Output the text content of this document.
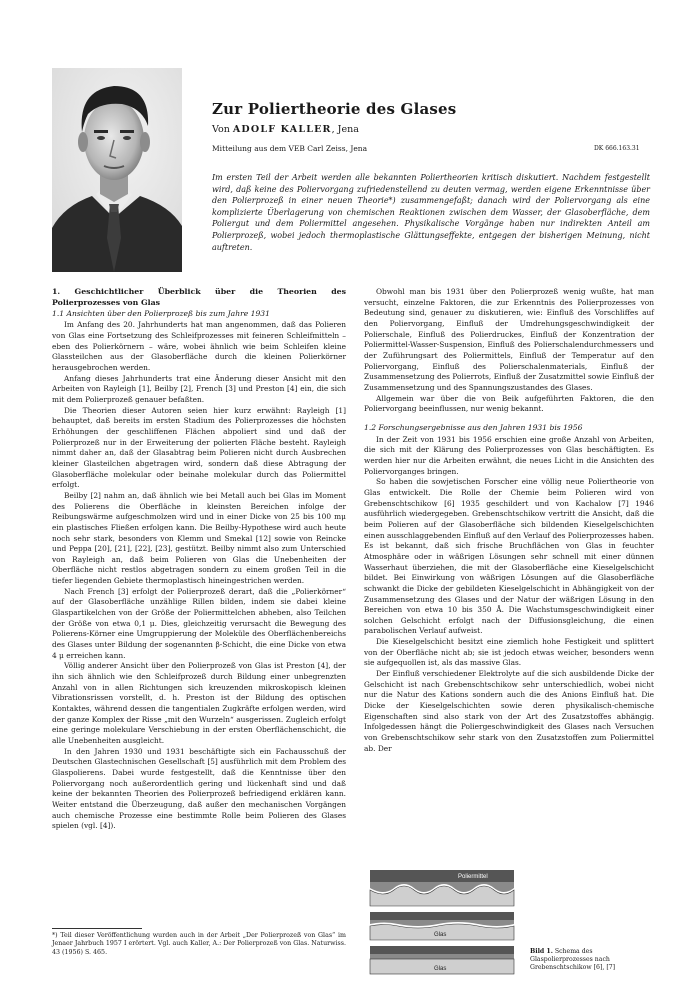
Zur Poliertheorie des Glases
Von ADOLF KALLER, Jena
Mitteilung aus dem VEB Carl Zeiss, Jena	DK 666.163.31
Im ersten Teil der Arbeit werden alle bekannten Poliertheorien kritisch diskutiert. Nachdem festgestellt wird, daß keine des Poliervorgang zufriedenstellend zu deuten vermag, werden eigene Erkenntnisse über den Polierprozeß in einer neuen Theorie*) zusammengefaßt; danach wird der Poliervorgang als eine komplizierte Überlagerung von chemischen Reaktionen zwischen dem Wasser, der Glasoberfläche, dem Poliergut und dem Poliermittel angesehen. Physikalische Vorgänge haben nur indirekten Anteil am Polierprozeß, wobei jedoch thermoplastische Glättungseffekte, entgegen der bisherigen Meinung, nicht auftreten.
1. Geschichtlicher Überblick über die Theorien des Polierprozesses von Glas
1.1 Ansichten über den Polierprozeß bis zum Jahre 1931

Im Anfang des 20. Jahrhunderts hat man angenommen, daß das Polieren von Glas eine Fortsetzung des Schleifprozesses mit feineren Schleifmitteln – eben des Polierkörnern – wäre, wobei ähnlich wie beim Schleifen kleine Glassteilchen aus der Glasoberfläche durch die kleinen Polierkörner herausgebrochen werden.

Anfang dieses Jahrhunderts trat eine Änderung dieser Ansicht mit den Arbeiten von Rayleigh [1], Beilby [2], French [3] und Preston [4] ein, die sich mit dem Polierprozeß genauer befaßten.

Die Theorien dieser Autoren seien hier kurz erwähnt: Rayleigh [1] behauptet, daß bereits im ersten Stadium des Polierprozesses die höchsten Erhöhungen der geschliffenen Flächen abpoliert sind und daß der Polierprozeß nur in der Erweiterung der polierten Fläche besteht. Rayleigh nimmt daher an, daß der Glasabtrag beim Polieren nicht durch Ausbrechen kleiner Glasteilchen abgetragen wird, sondern daß diese Abtragung der Glasoberfläche molekular oder beinahe molekular durch das Poliermittel erfolgt.

Beilby [2] nahm an, daß ähnlich wie bei Metall auch bei Glas im Moment des Polierens die Oberfläche in kleinsten Bereichen infolge der Reibungswärme aufgeschmolzen wird und in einer Dicke von 25 bis 100 mμ ein plastisches Fließen erfolgen kann. Die Beilby-Hypothese wird auch heute noch sehr stark, besonders von Klemm und Smekal [12] sowie von Reincke und Peppa [20], [21], [22], [23], gestützt. Beilby nimmt also zum Unterschied von Rayleigh an, daß beim Polieren von Glas die Unebenheiten der Oberfläche nicht restlos abgetragen sondern zu einem großen Teil in die tiefer liegenden Gebiete thermoplastisch hineingestrichen werden.

Nach French [3] erfolgt der Polierprozeß derart, daß die „Polierkörner“ auf der Glasoberfläche unzählige Rillen bilden, indem sie dabei kleine Glaspartikelchen von der Größe der Poliermittelchen abheben, also Teilchen der Größe von etwa 0,1 μ. Dies, gleichzeitig verursacht die Bewegung des Polierens-Körner eine Umgruppierung der Moleküle des Oberflächenbereichs des Glases unter Bildung der sogenannten β-Schicht, die eine Dicke von etwa 4 μ erreichen kann.

Völlig anderer Ansicht über den Polierprozeß von Glas ist Preston [4], der ihn sich ähnlich wie den Schleifprozeß durch Bildung einer unbegrenzten Anzahl von in allen Richtungen sich kreuzenden mikroskopisch kleinen Vibrationsrissen vorstellt, d. h. Preston ist der Bildung des optischen Kontaktes, während dessen die tangentialen Zugkräfte erfolgen werden, wird der ganze Komplex der Risse „mit den Wurzeln“ ausgerissen. Zugleich erfolgt eine geringe molekulare Verschiebung in der ersten Oberflächenschicht, die alle Unebenheiten ausgleicht.

In den Jahren 1930 und 1931 beschäftigte sich ein Fachausschuß der Deutschen Glastechnischen Gesellschaft [5] ausführlich mit dem Problem des Glaspolierens. Dabei wurde festgestellt, daß die Kenntnisse über den Poliervorgang noch außerordentlich gering und lückenhaft sind und daß keine der bekannten Theorien des Polierprozeß befriedigend erklären kann. Weiter entstand die Überzeugung, daß außer den mechanischen Vorgängen auch chemische Prozesse eine bestimmte Rolle beim Polieren des Glases spielen (vgl. [4]).

Obwohl man bis 1931 über den Polierprozeß wenig wußte, hat man versucht, einzelne Faktoren, die zur Erkenntnis des Polierprozesses von Bedeutung sind, genauer zu diskutieren, wie: Einfluß des Vorschliffes auf den Poliervorgang, Einfluß der Umdrehungsgeschwindigkeit der Polierschale, Einfluß des Polierdruckes, Einfluß der Konzentration der Poliermittel-Wasser-Suspension, Einfluß des Polierschalendurchmessers und der Zuführungsart des Poliermittels, Einfluß der Temperatur auf den Poliervorgang, Einfluß des Polierschalenmaterials, Einfluß der Zusammensetzung des Polierrots, Einfluß der Zusatzmittel sowie Einfluß der Zusammensetzung und des Spannungszustandes des Glases.

Allgemein war über die von Beik aufgeführten Faktoren, die den Poliervorgang beeinflussen, nur wenig bekannt.

1.2 Forschungsergebnisse aus den Jahren 1931 bis 1956

In der Zeit von 1931 bis 1956 erschien eine große Anzahl von Arbeiten, die sich mit der Klärung des Polierprozesses von Glas beschäftigten. Es werden hier nur die Arbeiten erwähnt, die neues Licht in die Ansichten des Poliervorganges bringen.

So haben die sowjetischen Forscher eine völlig neue Poliertheorie von Glas entwickelt. Die Rolle der Chemie beim Polieren wird von Grebenschtschikow [6] 1935 geschildert und von Kachalow [7] 1946 ausführlich wiedergegeben. Grebenschtschikow vertritt die Ansicht, daß die beim Polieren auf der Glasoberfläche sich bildenden Kieselgelschichten einen ausschlaggebenden Einfluß auf den Verlauf des Polierprozesses haben. Es ist bekannt, daß sich frische Bruchflächen von Glas in feuchter Atmosphäre oder in wäßrigen Lösungen sehr schnell mit einer dünnen Wasserhaut überziehen, die mit der Glasoberfläche eine Kieselgelschicht bildet. Bei Einwirkung von wäßrigen Lösungen auf die Glasoberfläche schwankt die Dicke der gebildeten Kieselgelschicht in Abhängigkeit von der Zusammensetzung des Glases und der Natur der wäßrigen Lösung in den Bereichen von etwa 10 bis 350 Å. Die Wachstumsgeschwindigkeit einer solchen Gelschicht erfolgt nach der Diffusionsgleichung, die einen parabolischen Verlauf aufweist.

Die Kieselgelschicht besitzt eine ziemlich hohe Festigkeit und splittert von der Oberfläche nicht ab; sie ist jedoch etwas weicher, besonders wenn sie aufgequollen ist, als das massive Glas.

Der Einfluß verschiedener Elektrolyte auf die sich ausbildende Dicke der Gelschicht ist nach Grebenschtschikow sehr unterschiedlich, wobei nicht nur die Natur des Kations sondern auch die des Anions Einfluß hat. Die Dicke der Kieselgelschichten sowie deren physikalisch-chemische Eigenschaften sind also stark von der Art des Zusatzstoffes abhängig. Infolgedessen hängt die Poliergeschwindigkeit des Glases nach Versuchen von Grebenschtschikow sehr stark von den Zusatzstoffen zum Poliermittel ab. Der

*) Teil dieser Veröffentlichung wurden auch in der Arbeit „Der Polierprozeß von Glas“ im Jenaer Jahrbuch 1957 I erörtert. Vgl. auch Kaller, A.: Der Polierprozeß von Glas. Naturwiss. 43 (1956) S. 465.
Poliermittel
Glas
Glas
Bild 1. Schema des Glaspolierprozesses nach Grebenschtschikow [6], [7]
